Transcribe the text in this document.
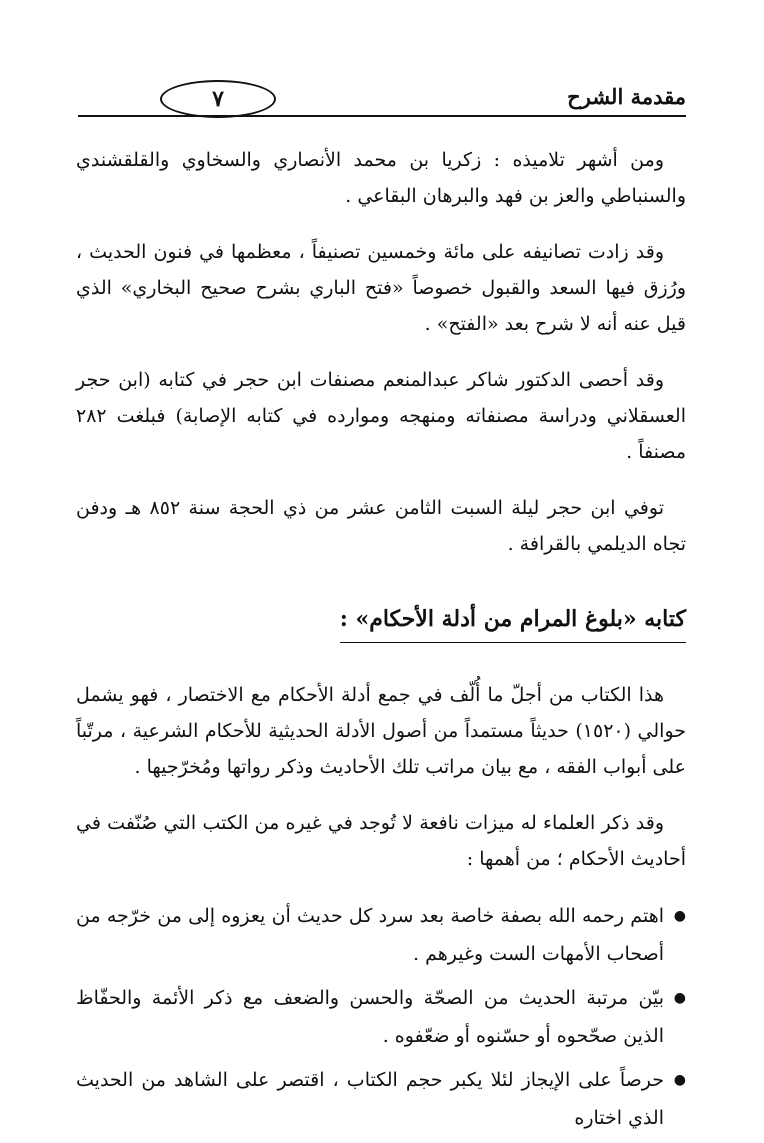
مقدمة الشرح
٧

ومن أشهر تلاميذه : زكريا بن محمد الأنصاري والسخاوي والقلقشندي والسنباطي والعز بن فهد والبرهان البقاعي .

وقد زادت تصانيفه على مائة وخمسين تصنيفاً ، معظمها في فنون الحديث ، ورُزق فيها السعد والقبول خصوصاً «فتح الباري بشرح صحيح البخاري» الذي قيل عنه أنه لا شرح بعد «الفتح» .

وقد أحصى الدكتور شاكر عبدالمنعم مصنفات ابن حجر في كتابه (ابن حجر العسقلاني ودراسة مصنفاته ومنهجه وموارده في كتابه الإصابة) فبلغت ٢٨٢ مصنفاً .

توفي ابن حجر ليلة السبت الثامن عشر من ذي الحجة سنة ٨٥٢ هـ ودفن تجاه الديلمي بالقرافة .

كتابه «بلوغ المرام من أدلة الأحكام» :

هذا الكتاب من أجلّ ما أُلّف في جمع أدلة الأحكام مع الاختصار ، فهو يشمل حوالي (١٥٢٠) حديثاً مستمداً من أصول الأدلة الحديثية للأحكام الشرعية ، مرتّباً على أبواب الفقه ، مع بيان مراتب تلك الأحاديث وذكر رواتها ومُخرّجيها .

وقد ذكر العلماء له ميزات نافعة لا تُوجد في غيره من الكتب التي صُنّفت في أحاديث الأحكام ؛ من أهمها :

●
اهتم رحمه الله بصفة خاصة بعد سرد كل حديث أن يعزوه إلى من خرّجه من أصحاب الأمهات الست وغيرهم .
●
بيّن مرتبة الحديث من الصحّة والحسن والضعف مع ذكر الأئمة والحفّاظ الذين صحّحوه أو حسّنوه أو ضعّفوه .
●
حرصاً على الإيجاز لئلا يكبر حجم الكتاب ، اقتصر على الشاهد من الحديث الذي اختاره
